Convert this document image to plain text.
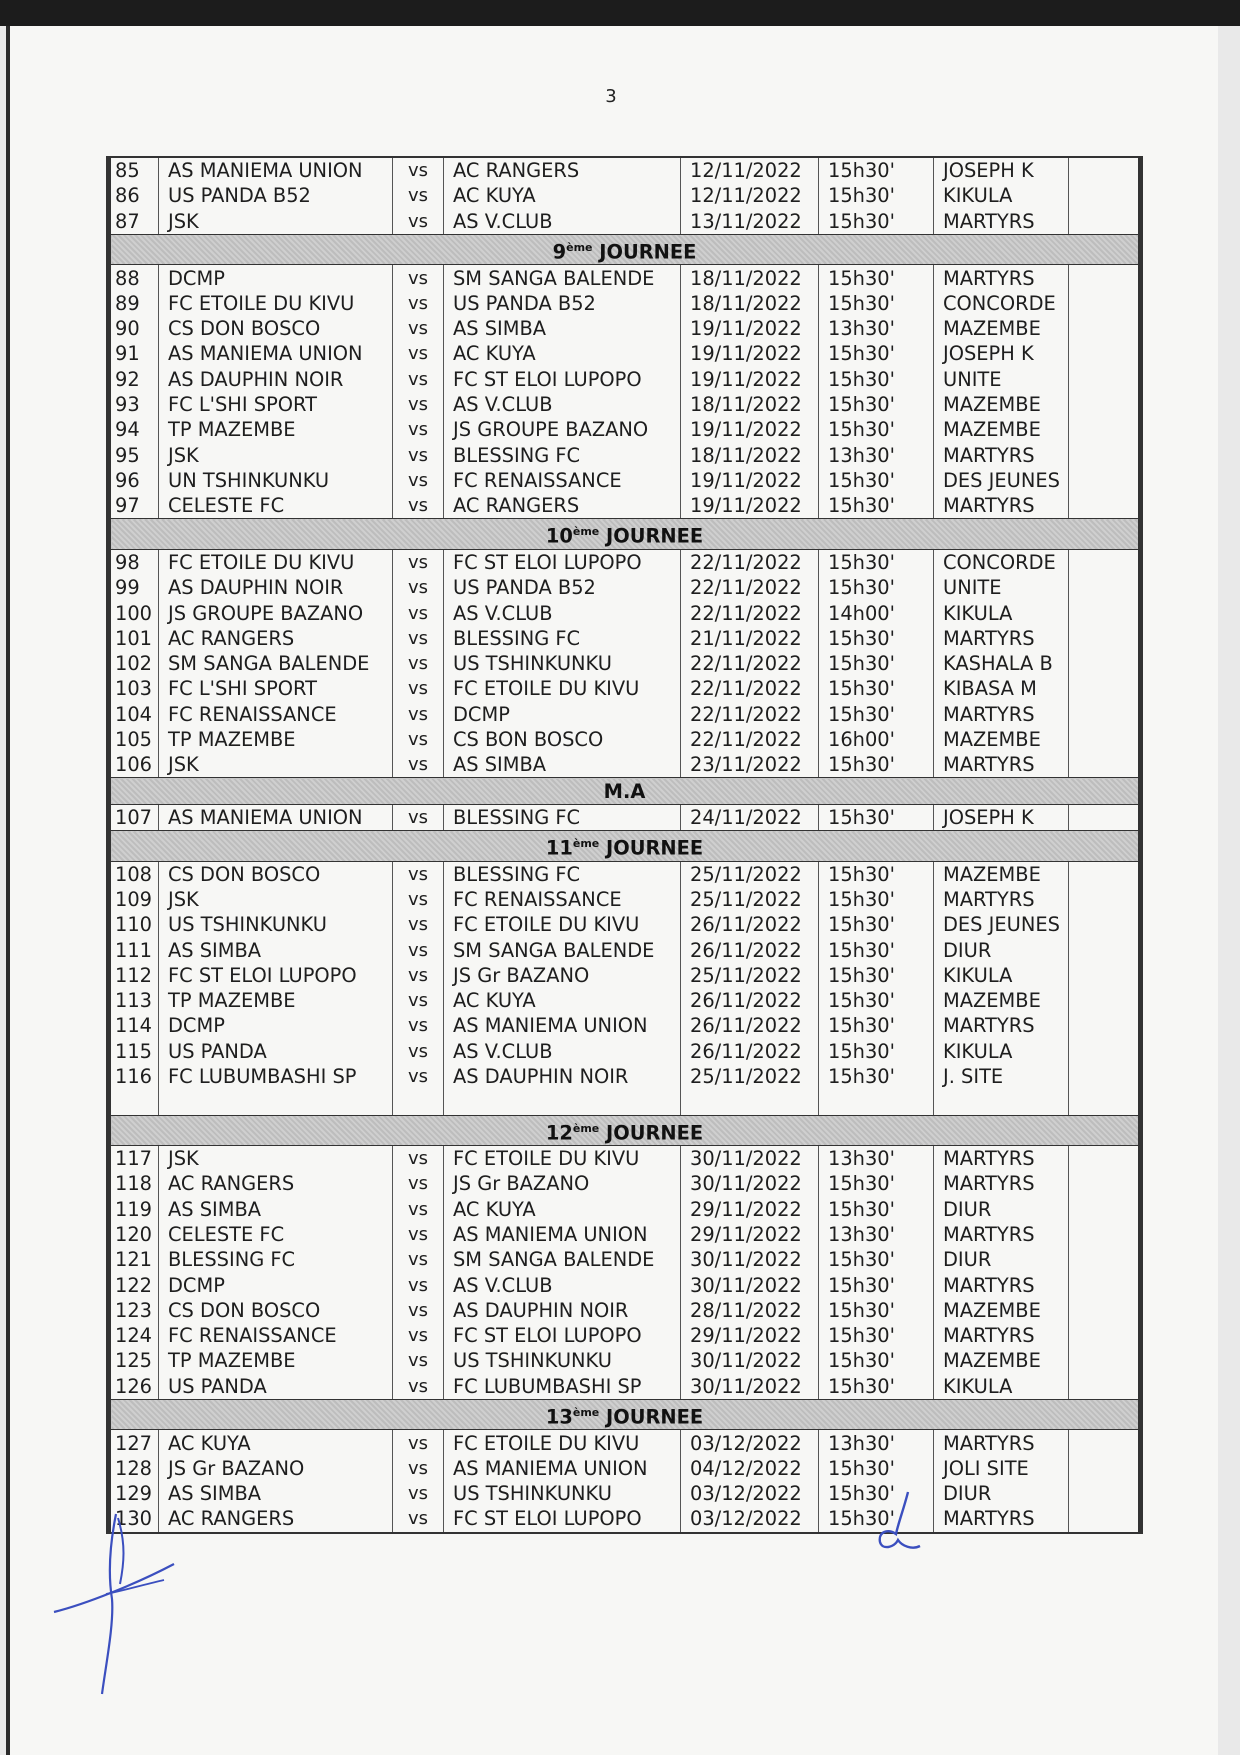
3
85	AS MANIEMA UNION	vs	AC RANGERS	12/11/2022	15h30'	JOSEPH K	
86	US PANDA B52	vs	AC KUYA	12/11/2022	15h30'	KIKULA	
87	JSK	vs	AS V.CLUB	13/11/2022	15h30'	MARTYRS	
9ème JOURNEE							
88	DCMP	vs	SM SANGA BALENDE	18/11/2022	15h30'	MARTYRS	
89	FC ETOILE DU KIVU	vs	US PANDA B52	18/11/2022	15h30'	CONCORDE	
90	CS DON BOSCO	vs	AS SIMBA	19/11/2022	13h30'	MAZEMBE	
91	AS MANIEMA UNION	vs	AC KUYA	19/11/2022	15h30'	JOSEPH K	
92	AS DAUPHIN NOIR	vs	FC ST ELOI LUPOPO	19/11/2022	15h30'	UNITE	
93	FC L'SHI SPORT	vs	AS V.CLUB	18/11/2022	15h30'	MAZEMBE	
94	TP MAZEMBE	vs	JS GROUPE BAZANO	19/11/2022	15h30'	MAZEMBE	
95	JSK	vs	BLESSING FC	18/11/2022	13h30'	MARTYRS	
96	UN TSHINKUNKU	vs	FC RENAISSANCE	19/11/2022	15h30'	DES JEUNES	
97	CELESTE FC	vs	AC RANGERS	19/11/2022	15h30'	MARTYRS	
10ème JOURNEE							
98	FC ETOILE DU KIVU	vs	FC ST ELOI LUPOPO	22/11/2022	15h30'	CONCORDE	
99	AS DAUPHIN NOIR	vs	US PANDA B52	22/11/2022	15h30'	UNITE	
100	JS GROUPE BAZANO	vs	AS V.CLUB	22/11/2022	14h00'	KIKULA	
101	AC RANGERS	vs	BLESSING FC	21/11/2022	15h30'	MARTYRS	
102	SM SANGA BALENDE	vs	US TSHINKUNKU	22/11/2022	15h30'	KASHALA B	
103	FC L'SHI SPORT	vs	FC ETOILE DU KIVU	22/11/2022	15h30'	KIBASA M	
104	FC RENAISSANCE	vs	DCMP	22/11/2022	15h30'	MARTYRS	
105	TP MAZEMBE	vs	CS BON BOSCO	22/11/2022	16h00'	MAZEMBE	
106	JSK	vs	AS SIMBA	23/11/2022	15h30'	MARTYRS	
M.A							
107	AS MANIEMA UNION	vs	BLESSING FC	24/11/2022	15h30'	JOSEPH K	
11ème JOURNEE							
108	CS DON BOSCO	vs	BLESSING FC	25/11/2022	15h30'	MAZEMBE	
109	JSK	vs	FC RENAISSANCE	25/11/2022	15h30'	MARTYRS	
110	US TSHINKUNKU	vs	FC ETOILE DU KIVU	26/11/2022	15h30'	DES JEUNES	
111	AS SIMBA	vs	SM SANGA BALENDE	26/11/2022	15h30'	DIUR	
112	FC ST ELOI LUPOPO	vs	JS Gr BAZANO	25/11/2022	15h30'	KIKULA	
113	TP MAZEMBE	vs	AC KUYA	26/11/2022	15h30'	MAZEMBE	
114	DCMP	vs	AS MANIEMA UNION	26/11/2022	15h30'	MARTYRS	
115	US PANDA	vs	AS V.CLUB	26/11/2022	15h30'	KIKULA	
116	FC LUBUMBASHI SP	vs	AS DAUPHIN NOIR	25/11/2022	15h30'	J. SITE	

12ème JOURNEE							
117	JSK	vs	FC ETOILE DU KIVU	30/11/2022	13h30'	MARTYRS	
118	AC RANGERS	vs	JS Gr BAZANO	30/11/2022	15h30'	MARTYRS	
119	AS SIMBA	vs	AC KUYA	29/11/2022	15h30'	DIUR	
120	CELESTE FC	vs	AS MANIEMA UNION	29/11/2022	13h30'	MARTYRS	
121	BLESSING FC	vs	SM SANGA BALENDE	30/11/2022	15h30'	DIUR	
122	DCMP	vs	AS V.CLUB	30/11/2022	15h30'	MARTYRS	
123	CS DON BOSCO	vs	AS DAUPHIN NOIR	28/11/2022	15h30'	MAZEMBE	
124	FC RENAISSANCE	vs	FC ST ELOI LUPOPO	29/11/2022	15h30'	MARTYRS	
125	TP MAZEMBE	vs	US TSHINKUNKU	30/11/2022	15h30'	MAZEMBE	
126	US PANDA	vs	FC LUBUMBASHI SP	30/11/2022	15h30'	KIKULA	
13ème JOURNEE							
127	AC KUYA	vs	FC ETOILE DU KIVU	03/12/2022	13h30'	MARTYRS	
128	JS Gr BAZANO	vs	AS MANIEMA UNION	04/12/2022	15h30'	JOLI SITE	
129	AS SIMBA	vs	US TSHINKUNKU	03/12/2022	15h30'	DIUR	
130	AC RANGERS	vs	FC ST ELOI LUPOPO	03/12/2022	15h30'	MARTYRS	
